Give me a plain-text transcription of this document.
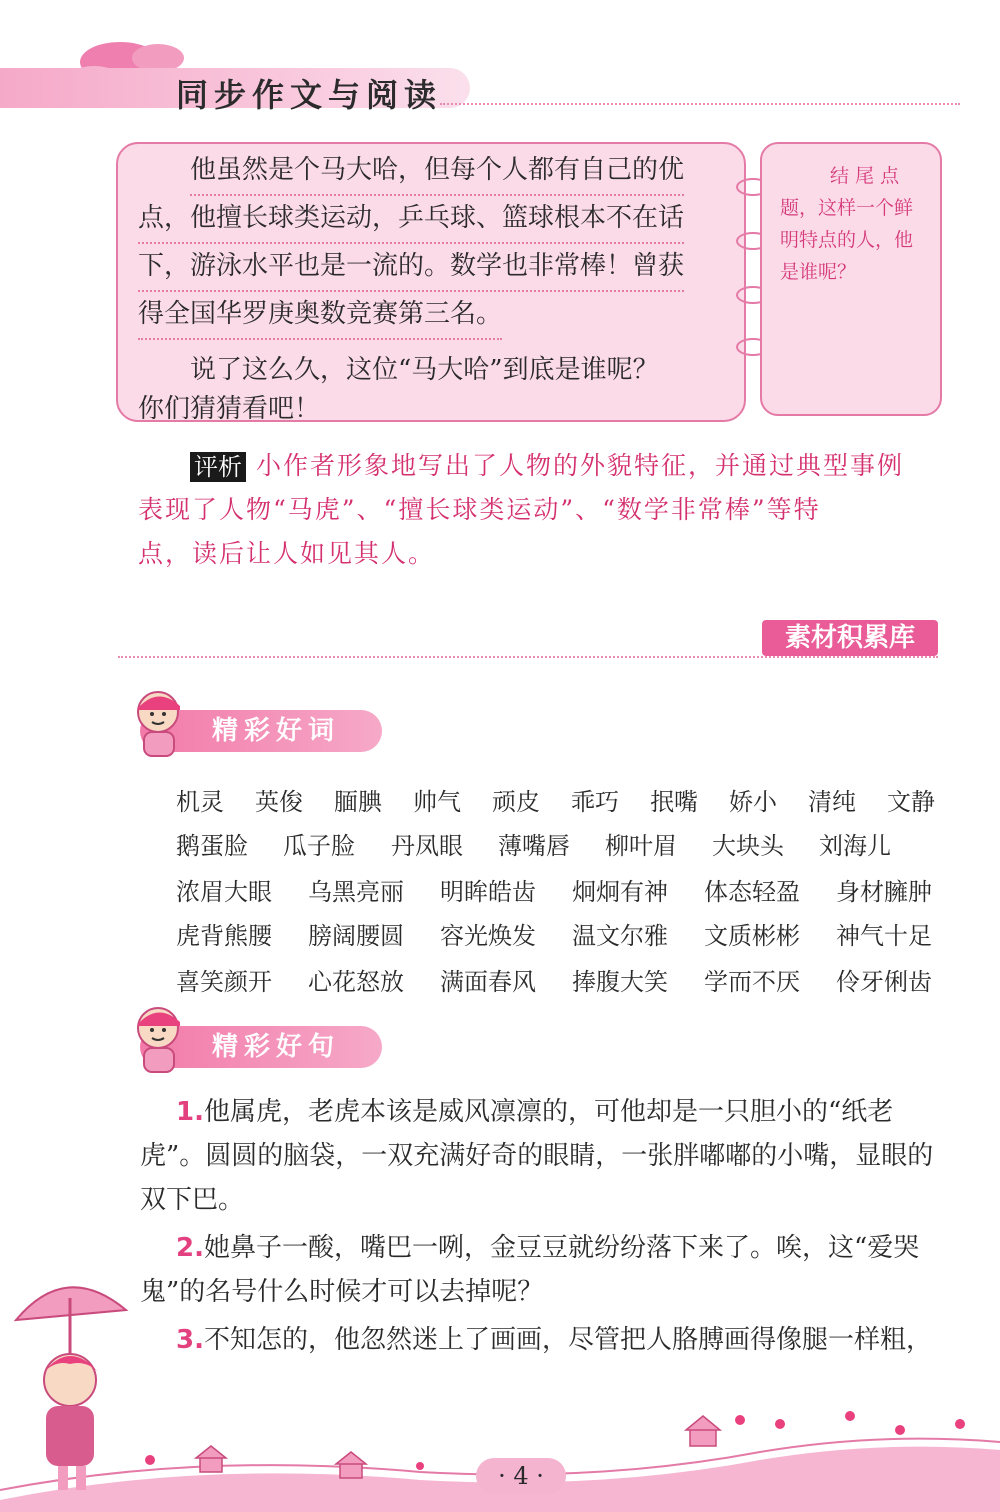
同步作文与阅读
他虽然是个马大哈，但每个人都有自己的优
点，他擅长球类运动，乒乓球、篮球根本不在话
下，游泳水平也是一流的。数学也非常棒！曾获
得全国华罗庚奥数竞赛第三名。
说了这么久，这位“马大哈”到底是谁呢？
你们猜猜看吧！
结 尾 点
题，这样一个鲜
明特点的人，他
是谁呢？
评析 小作者形象地写出了人物的外貌特征，并通过典型事例
表现了人物“马虎”、“擅长球类运动”、“数学非常棒”等特
点，读后让人如见其人。
素材积累库
精彩好词
机灵 英俊 腼腆 帅气 顽皮 乖巧 抿嘴 娇小 清纯 文静
鹅蛋脸 瓜子脸 丹凤眼 薄嘴唇 柳叶眉 大块头 刘海儿
浓眉大眼 乌黑亮丽 明眸皓齿 炯炯有神 体态轻盈 身材臃肿
虎背熊腰 膀阔腰圆 容光焕发 温文尔雅 文质彬彬 神气十足
喜笑颜开 心花怒放 满面春风 捧腹大笑 学而不厌 伶牙俐齿
精彩好句
1.他属虎，老虎本该是威风凛凛的，可他却是一只胆小的“纸老
虎”。圆圆的脑袋，一双充满好奇的眼睛，一张胖嘟嘟的小嘴，显眼的
双下巴。
2.她鼻子一酸，嘴巴一咧，金豆豆就纷纷落下来了。唉，这“爱哭
鬼”的名号什么时候才可以去掉呢？
3.不知怎的，他忽然迷上了画画，尽管把人胳膊画得像腿一样粗，
· 4 ·
